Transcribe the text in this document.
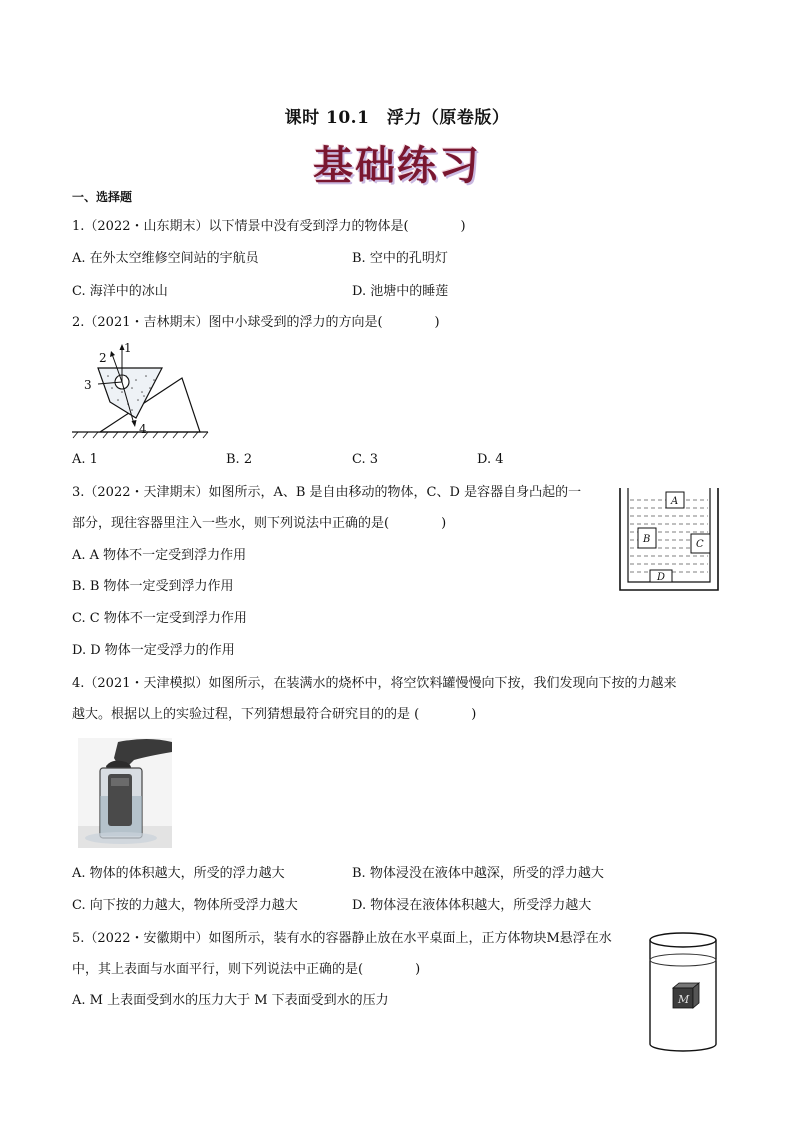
课时 10.1　浮力（原卷版）
基础练习
一、选择题
1.（2022・山东期末）以下情景中没有受到浮力的物体是(　　　　)
A. 在外太空维修空间站的宇航员	B. 空中的孔明灯
C. 海洋中的冰山	D. 池塘中的睡莲
2.（2021・吉林期末）图中小球受到的浮力的方向是(　　　　)
1
2
3
4
A. 1	B. 2	C. 3	D. 4
3.（2022・天津期末）如图所示，A、B 是自由移动的物体，C、D 是容器自身凸起的一
部分，现往容器里注入一些水，则下列说法中正确的是(　　　　)
A. A 物体不一定受到浮力作用
B. B 物体一定受到浮力作用
C. C 物体不一定受到浮力作用
D. D 物体一定受浮力的作用
A
B	C
D
4.（2021・天津模拟）如图所示，在装满水的烧杯中，将空饮料罐慢慢向下按，我们发现向下按的力越来
越大。根据以上的实验过程，下列猜想最符合研究目的的是 (　　　　)
A. 物体的体积越大，所受的浮力越大	B. 物体浸没在液体中越深，所受的浮力越大
C. 向下按的力越大，物体所受浮力越大	D. 物体浸在液体体积越大，所受浮力越大
5.（2022・安徽期中）如图所示，装有水的容器静止放在水平桌面上，正方体物块M悬浮在水
中，其上表面与水面平行，则下列说法中正确的是(　　　　)
A. M 上表面受到水的压力大于 M 下表面受到水的压力	M
